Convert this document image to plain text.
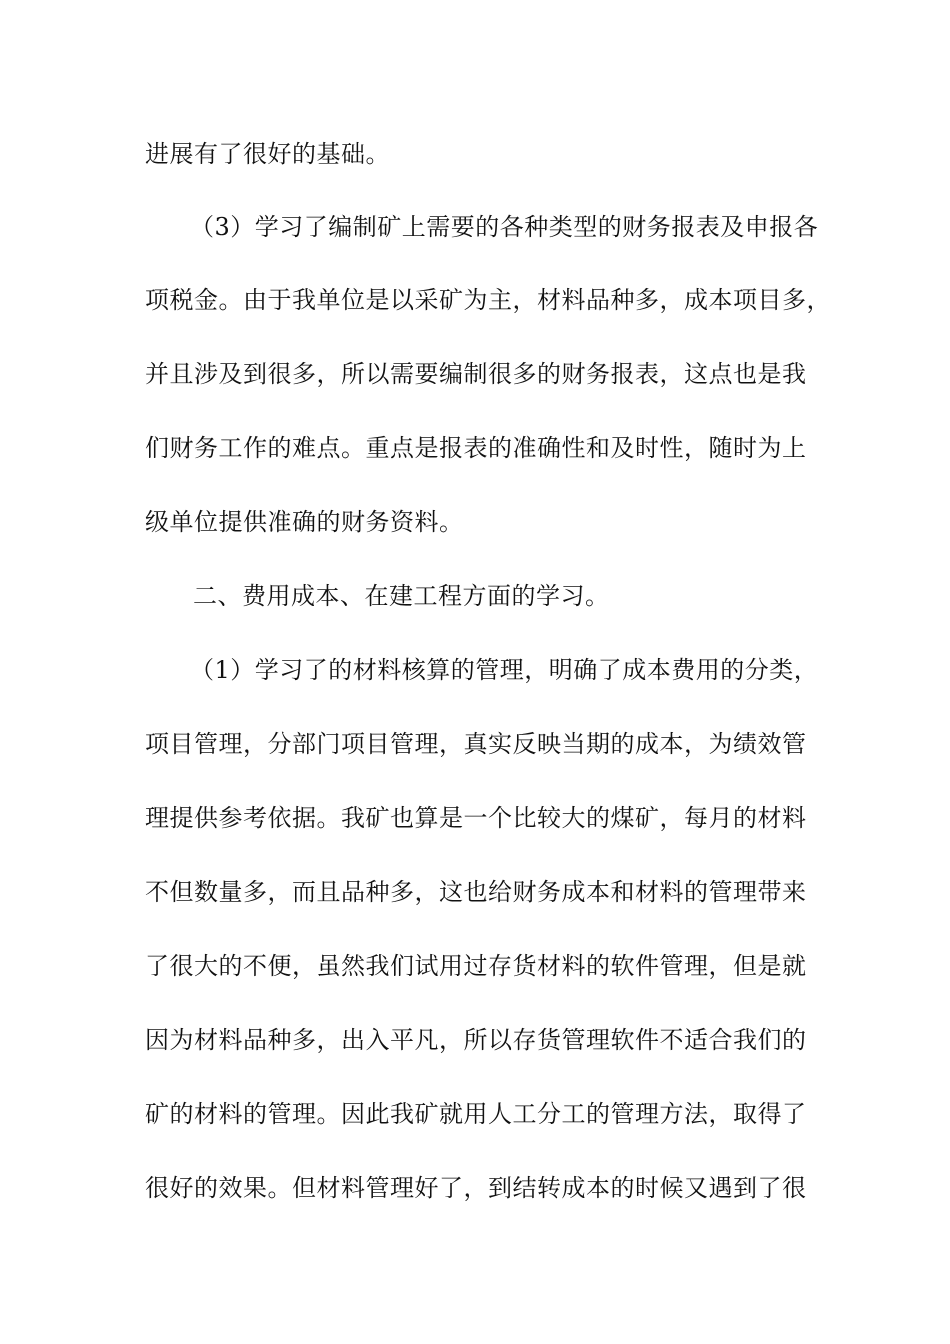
进展有了很好的基础。
（3）学习了编制矿上需要的各种类型的财务报表及申报各
项税金。由于我单位是以采矿为主，材料品种多，成本项目多，
并且涉及到很多，所以需要编制很多的财务报表，这点也是我
们财务工作的难点。重点是报表的准确性和及时性，随时为上
级单位提供准确的财务资料。
二、费用成本、在建工程方面的学习。
（1）学习了的材料核算的管理，明确了成本费用的分类，
项目管理，分部门项目管理，真实反映当期的成本，为绩效管
理提供参考依据。我矿也算是一个比较大的煤矿，每月的材料
不但数量多，而且品种多，这也给财务成本和材料的管理带来
了很大的不便，虽然我们试用过存货材料的软件管理，但是就
因为材料品种多，出入平凡，所以存货管理软件不适合我们的
矿的材料的管理。因此我矿就用人工分工的管理方法，取得了
很好的效果。但材料管理好了，到结转成本的时候又遇到了很
